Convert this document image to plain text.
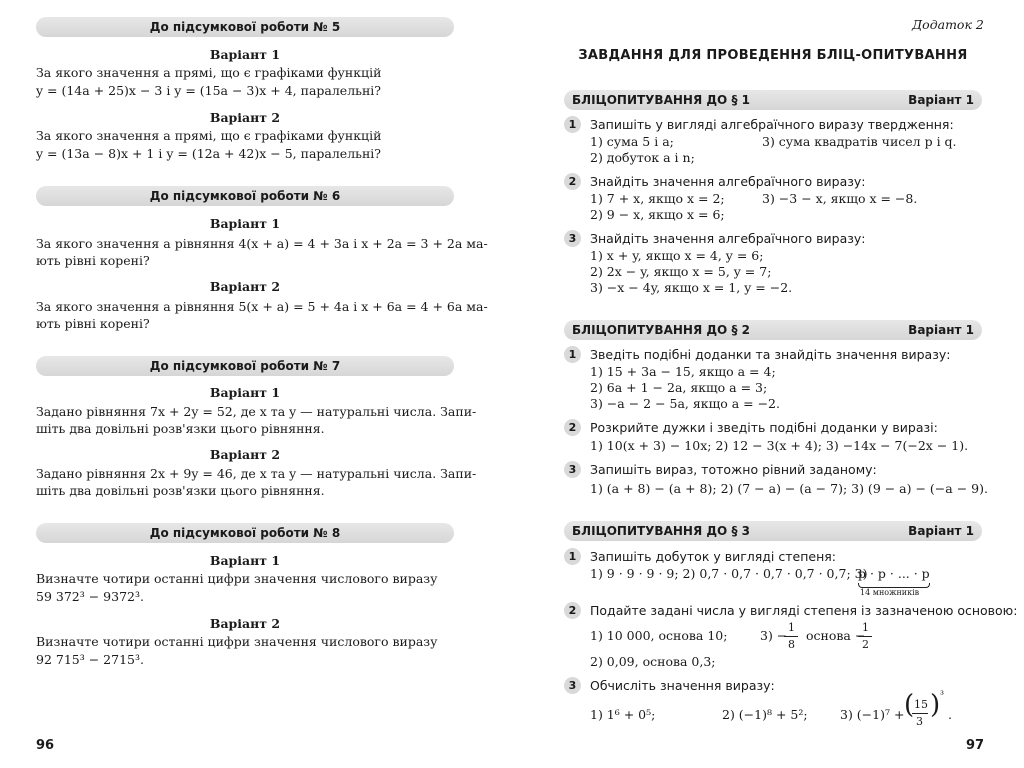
До підсумкової роботи № 5
Варіант 1
За якого значення a прямі, що є графіками функцій
y = (14a + 25)x − 3 і y = (15a − 3)x + 4, паралельні?
Варіант 2
За якого значення a прямі, що є графіками функцій
y = (13a − 8)x + 1 і y = (12a + 42)x − 5, паралельні?
До підсумкової роботи № 6
Варіант 1
За якого значення a рівняння 4(x + a) = 4 + 3a і x + 2a = 3 + 2a ма-
ють рівні корені?
Варіант 2
За якого значення a рівняння 5(x + a) = 5 + 4a і x + 6a = 4 + 6a ма-
ють рівні корені?
До підсумкової роботи № 7
Варіант 1
Задано рівняння 7x + 2y = 52, де x та y — натуральні числа. Запи-
шіть два довільні розв'язки цього рівняння.
Варіант 2
Задано рівняння 2x + 9y = 46, де x та y — натуральні числа. Запи-
шіть два довільні розв'язки цього рівняння.
До підсумкової роботи № 8
Варіант 1
Визначте чотири останні цифри значення числового виразу
59 372³ − 9372³.
Варіант 2
Визначте чотири останні цифри значення числового виразу
92 715³ − 2715³.
96
Додаток 2
ЗАВДАННЯ ДЛЯ ПРОВЕДЕННЯ БЛІЦ-ОПИТУВАННЯ
БЛІЦОПИТУВАННЯ ДО § 1	Варіант 1
1	Запишіть у вигляді алгебраїчного виразу твердження:
1) сума 5 і a;	3) сума квадратів чисел p і q.
2) добуток a і n;
2	Знайдіть значення алгебраїчного виразу:
1) 7 + x, якщо x = 2;	3) −3 − x, якщо x = −8.
2) 9 − x, якщо x = 6;
3	Знайдіть значення алгебраїчного виразу:
1) x + y, якщо x = 4, y = 6;
2) 2x − y, якщо x = 5, y = 7;
3) −x − 4y, якщо x = 1, y = −2.
БЛІЦОПИТУВАННЯ ДО § 2	Варіант 1
1	Зведіть подібні доданки та знайдіть значення виразу:
1) 15 + 3a − 15, якщо a = 4;
2) 6a + 1 − 2a, якщо a = 3;
3) −a − 2 − 5a, якщо a = −2.
2	Розкрийте дужки і зведіть подібні доданки у виразі:
1) 10(x + 3) − 10x; 2) 12 − 3(x + 4); 3) −14x − 7(−2x − 1).
3	Запишіть вираз, тотожно рівний заданому:
1) (a + 8) − (a + 8); 2) (7 − a) − (a − 7); 3) (9 − a) − (−a − 9).
БЛІЦОПИТУВАННЯ ДО § 3	Варіант 1
1	Запишіть добуток у вигляді степеня:
1) 9 · 9 · 9 · 9; 2) 0,7 · 0,7 · 0,7 · 0,7 · 0,7; 3)
p · p · ... · p
14 множників
2	Подайте задані числа у вигляді степеня із зазначеною основою:
1) 10 000, основа 10;	3) −
1
8
основа −
1
2
2) 0,09, основа 0,3;
3	Обчисліть значення виразу:
1) 1⁶ + 0⁵;	2) (−1)⁸ + 5²;	3) (−1)⁷ + ( 15
3
) ³
.
97
